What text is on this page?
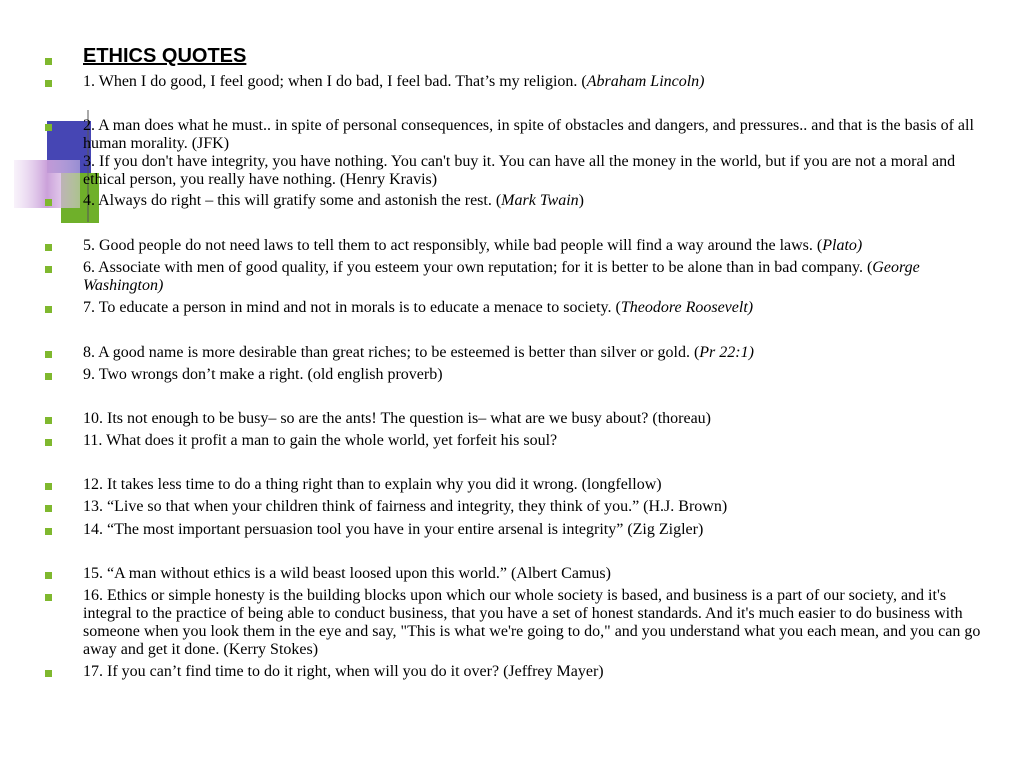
ETHICS QUOTES
1. When I do good, I feel good; when I do bad, I feel bad. That’s my religion. (Abraham Lincoln)
2. A man does what he must.. in spite of personal consequences, in spite of obstacles and dangers, and pressures.. and that is the basis of all human morality. (JFK)
3. If you don't have integrity, you have nothing. You can't buy it. You can have all the money in the world, but if you are not a moral and ethical person, you really have nothing. (Henry Kravis)
4. Always do right – this will gratify some and astonish the rest. (Mark Twain)
5. Good people do not need laws to tell them to act responsibly, while bad people will find a way around the laws. (Plato)
6. Associate with men of good quality, if you esteem your own reputation; for it is better to be alone than in bad company. (George Washington)
7. To educate a person in mind and not in morals is to educate a menace to society. (Theodore Roosevelt)
8. A good name is more desirable than great riches; to be esteemed is better than silver or gold. (Pr 22:1)
9. Two wrongs don’t make a right. (old english proverb)
10. Its not enough to be busy– so are the ants! The question is– what are we busy about? (thoreau)
11. What does it profit a man to gain the whole world, yet forfeit his soul?
12. It takes less time to do a thing right than to explain why you did it wrong. (longfellow)
13. “Live so that when your children think of fairness and integrity, they think of you.” (H.J. Brown)
14. “The most important persuasion tool you have in your entire arsenal is integrity” (Zig Zigler)
15. “A man without ethics is a wild beast loosed upon this world.” (Albert Camus)
16. Ethics or simple honesty is the building blocks upon which our whole society is based, and business is a part of our society, and it's integral to the practice of being able to conduct business, that you have a set of honest standards. And it's much easier to do business with someone when you look them in the eye and say, "This is what we're going to do," and you understand what you each mean, and you can go away and get it done. (Kerry Stokes)
17. If you can’t find time to do it right, when will you do it over? (Jeffrey Mayer)
